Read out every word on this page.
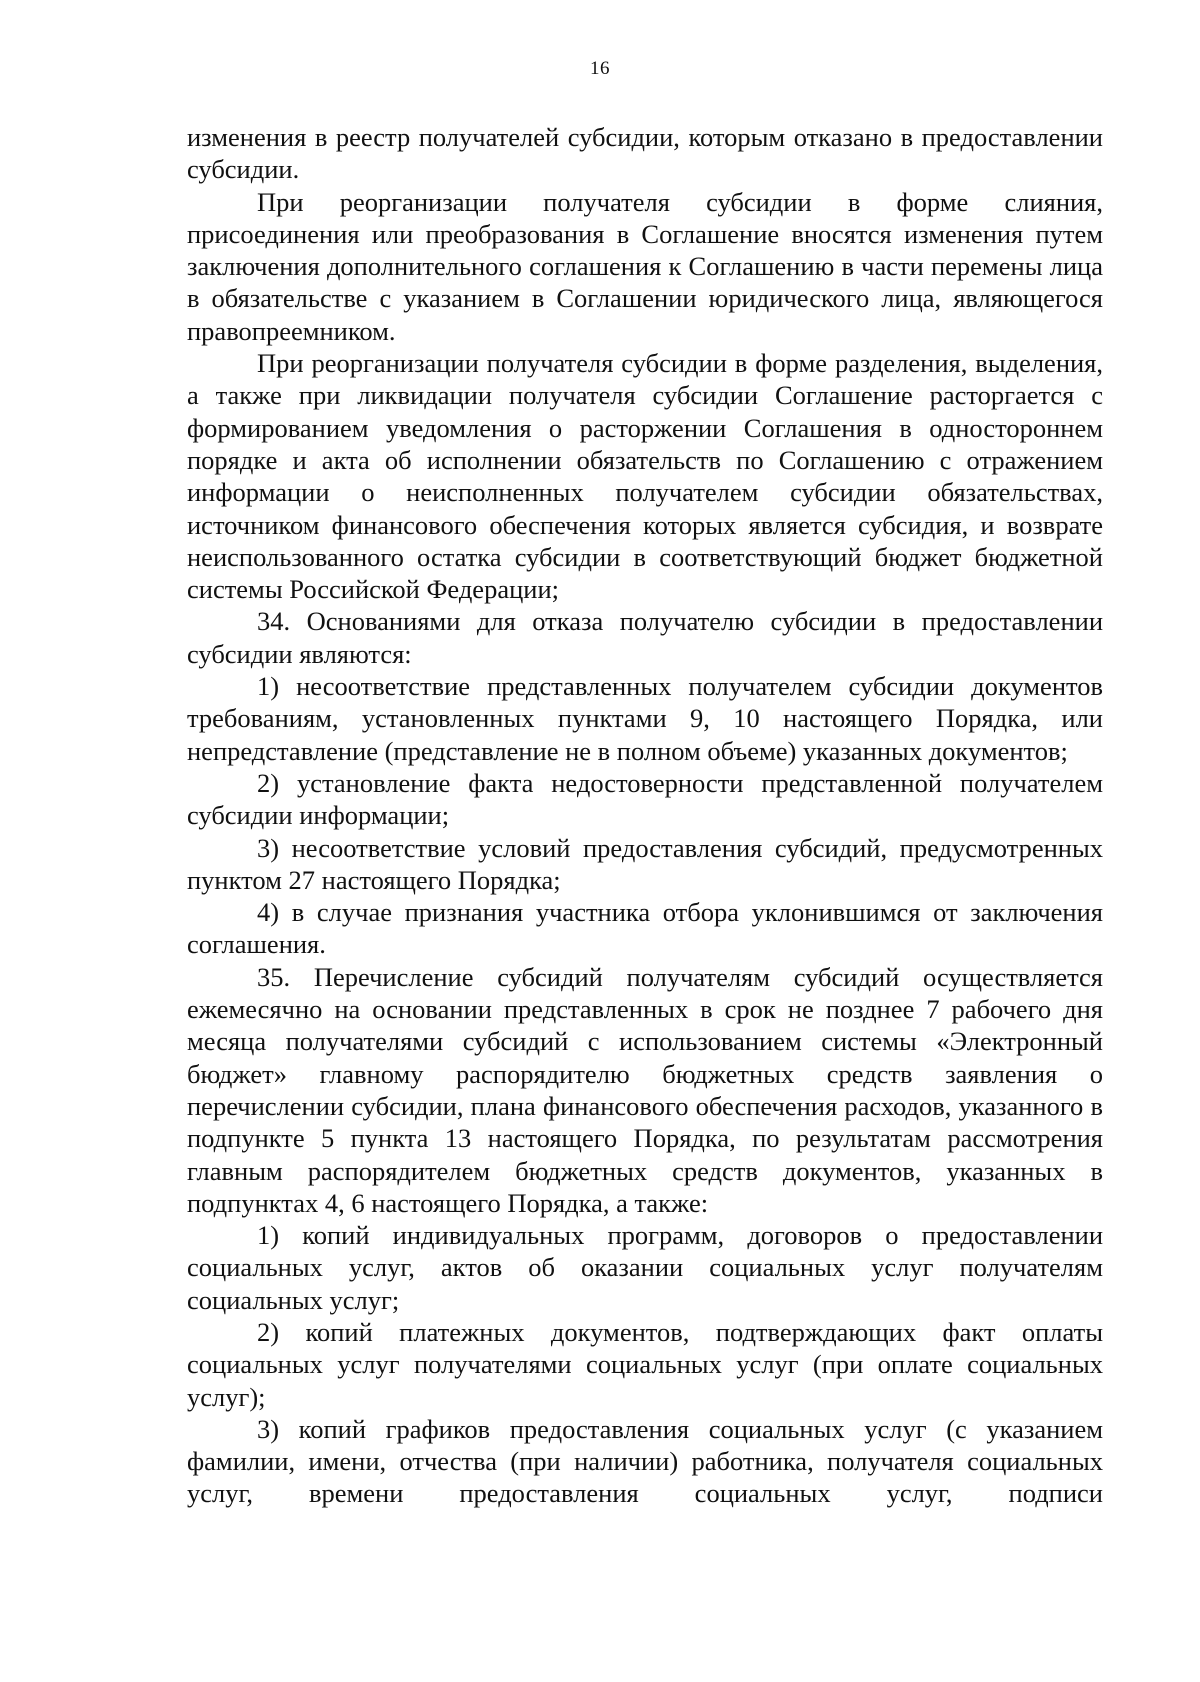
16

изменения в реестр получателей субсидии, которым отказано в предоставлении субсидии.

При реорганизации получателя субсидии в форме слияния, присоединения или преобразования в Соглашение вносятся изменения путем заключения дополнительного соглашения к Соглашению в части перемены лица в обязательстве с указанием в Соглашении юридического лица, являющегося правопреемником.

При реорганизации получателя субсидии в форме разделения, выделения, а также при ликвидации получателя субсидии Соглашение расторгается с формированием уведомления о расторжении Соглашения в одностороннем порядке и акта об исполнении обязательств по Соглашению с отражением информации о неисполненных получателем субсидии обязательствах, источником финансового обеспечения которых является субсидия, и возврате неиспользованного остатка субсидии в соответствующий бюджет бюджетной системы Российской Федерации;

34. Основаниями для отказа получателю субсидии в предоставлении субсидии являются:

1) несоответствие представленных получателем субсидии документов требованиям, установленных пунктами 9, 10 настоящего Порядка, или непредставление (представление не в полном объеме) указанных документов;

2) установление факта недостоверности представленной получателем субсидии информации;

3) несоответствие условий предоставления субсидий, предусмотренных пунктом 27 настоящего Порядка;

4) в случае признания участника отбора уклонившимся от заключения соглашения.

35. Перечисление субсидий получателям субсидий осуществляется ежемесячно на основании представленных в срок не позднее 7 рабочего дня месяца получателями субсидий с использованием системы «Электронный бюджет» главному распорядителю бюджетных средств заявления о перечислении субсидии, плана финансового обеспечения расходов, указанного в подпункте 5 пункта 13 настоящего Порядка, по результатам рассмотрения главным распорядителем бюджетных средств документов, указанных в подпунктах 4, 6 настоящего Порядка, а также:

1) копий индивидуальных программ, договоров о предоставлении социальных услуг, актов об оказании социальных услуг получателям социальных услуг;

2) копий платежных документов, подтверждающих факт оплаты социальных услуг получателями социальных услуг (при оплате социальных услуг);

3) копий графиков предоставления социальных услуг (с указанием фамилии, имени, отчества (при наличии) работника, получателя социальных услуг, времени предоставления социальных услуг, подписи
